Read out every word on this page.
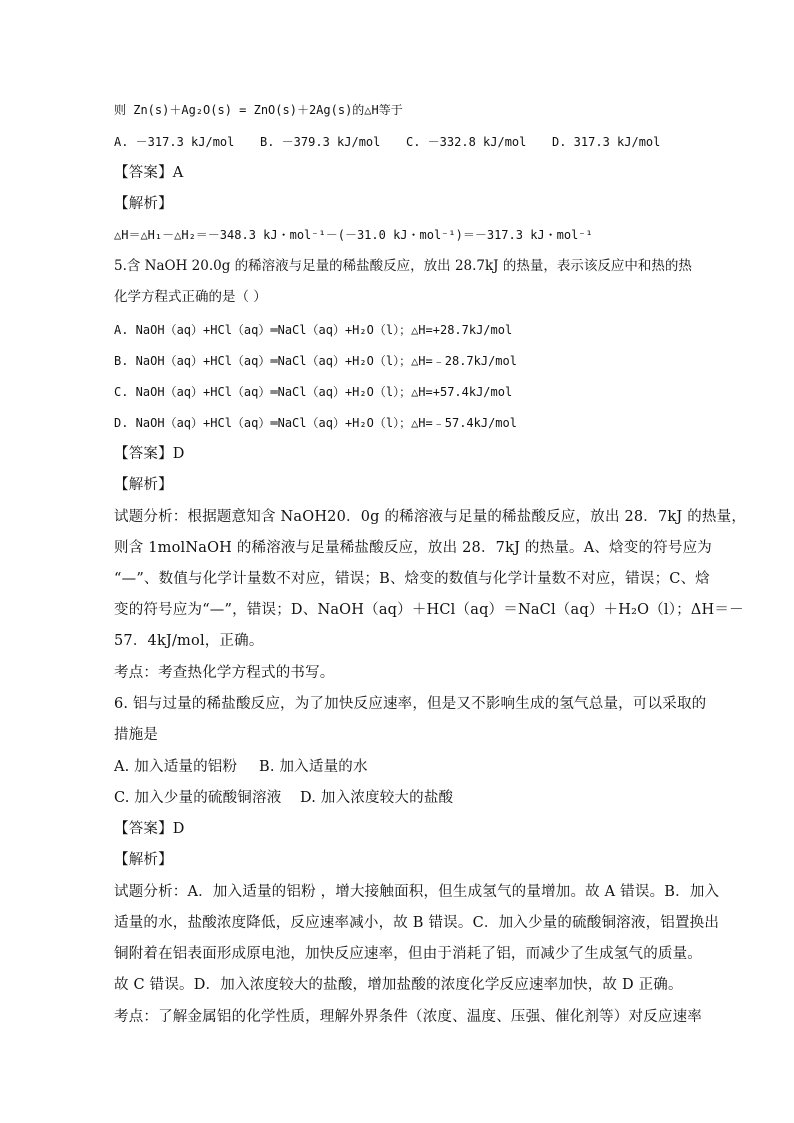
则 Zn(s)＋Ag₂O(s) = ZnO(s)＋2Ag(s)的△H等于
A. －317.3 kJ/mol B. －379.3 kJ/mol C. －332.8 kJ/mol D. 317.3 kJ/mol
【答案】A
【解析】
△H＝△H₁－△H₂＝－348.3 kJ・mol⁻¹－(－31.0 kJ・mol⁻¹)＝－317.3 kJ・mol⁻¹
5.含 NaOH 20.0g 的稀溶液与足量的稀盐酸反应，放出 28.7kJ 的热量，表示该反应中和热的热
化学方程式正确的是（ ）
A. NaOH（aq）+HCl（aq）═NaCl（aq）+H₂O（l）；△H=+28.7kJ/mol
B. NaOH（aq）+HCl（aq）═NaCl（aq）+H₂O（l）；△H=﹣28.7kJ/mol
C. NaOH（aq）+HCl（aq）═NaCl（aq）+H₂O（l）；△H=+57.4kJ/mol
D. NaOH（aq）+HCl（aq）═NaCl（aq）+H₂O（l）；△H=﹣57.4kJ/mol
【答案】D
【解析】
试题分析：根据题意知含 NaOH20．0g 的稀溶液与足量的稀盐酸反应，放出 28．7kJ 的热量，
则含 1molNaOH 的稀溶液与足量稀盐酸反应，放出 28．7kJ 的热量。A、焓变的符号应为
“—”、数值与化学计量数不对应，错误；B、焓变的数值与化学计量数不对应，错误；C、焓
变的符号应为“—”，错误；D、NaOH（aq）＋HCl（aq）＝NaCl（aq）＋H₂O（l）；ΔH＝－
57．4kJ/mol，正确。
考点：考查热化学方程式的书写。
6. 铝与过量的稀盐酸反应，为了加快反应速率，但是又不影响生成的氢气总量，可以采取的
措施是
A. 加入适量的铝粉 B. 加入适量的水
C. 加入少量的硫酸铜溶液 D. 加入浓度较大的盐酸
【答案】D
【解析】
试题分析：A．加入适量的铝粉 ，增大接触面积，但生成氢气的量增加。故 A 错误。B．加入
适量的水，盐酸浓度降低，反应速率减小，故 B 错误。C．加入少量的硫酸铜溶液，铝置换出
铜附着在铝表面形成原电池，加快反应速率，但由于消耗了铝，而减少了生成氢气的质量。
故 C 错误。D．加入浓度较大的盐酸，增加盐酸的浓度化学反应速率加快，故 D 正确。
考点：了解金属铝的化学性质，理解外界条件（浓度、温度、压强、催化剂等）对反应速率
